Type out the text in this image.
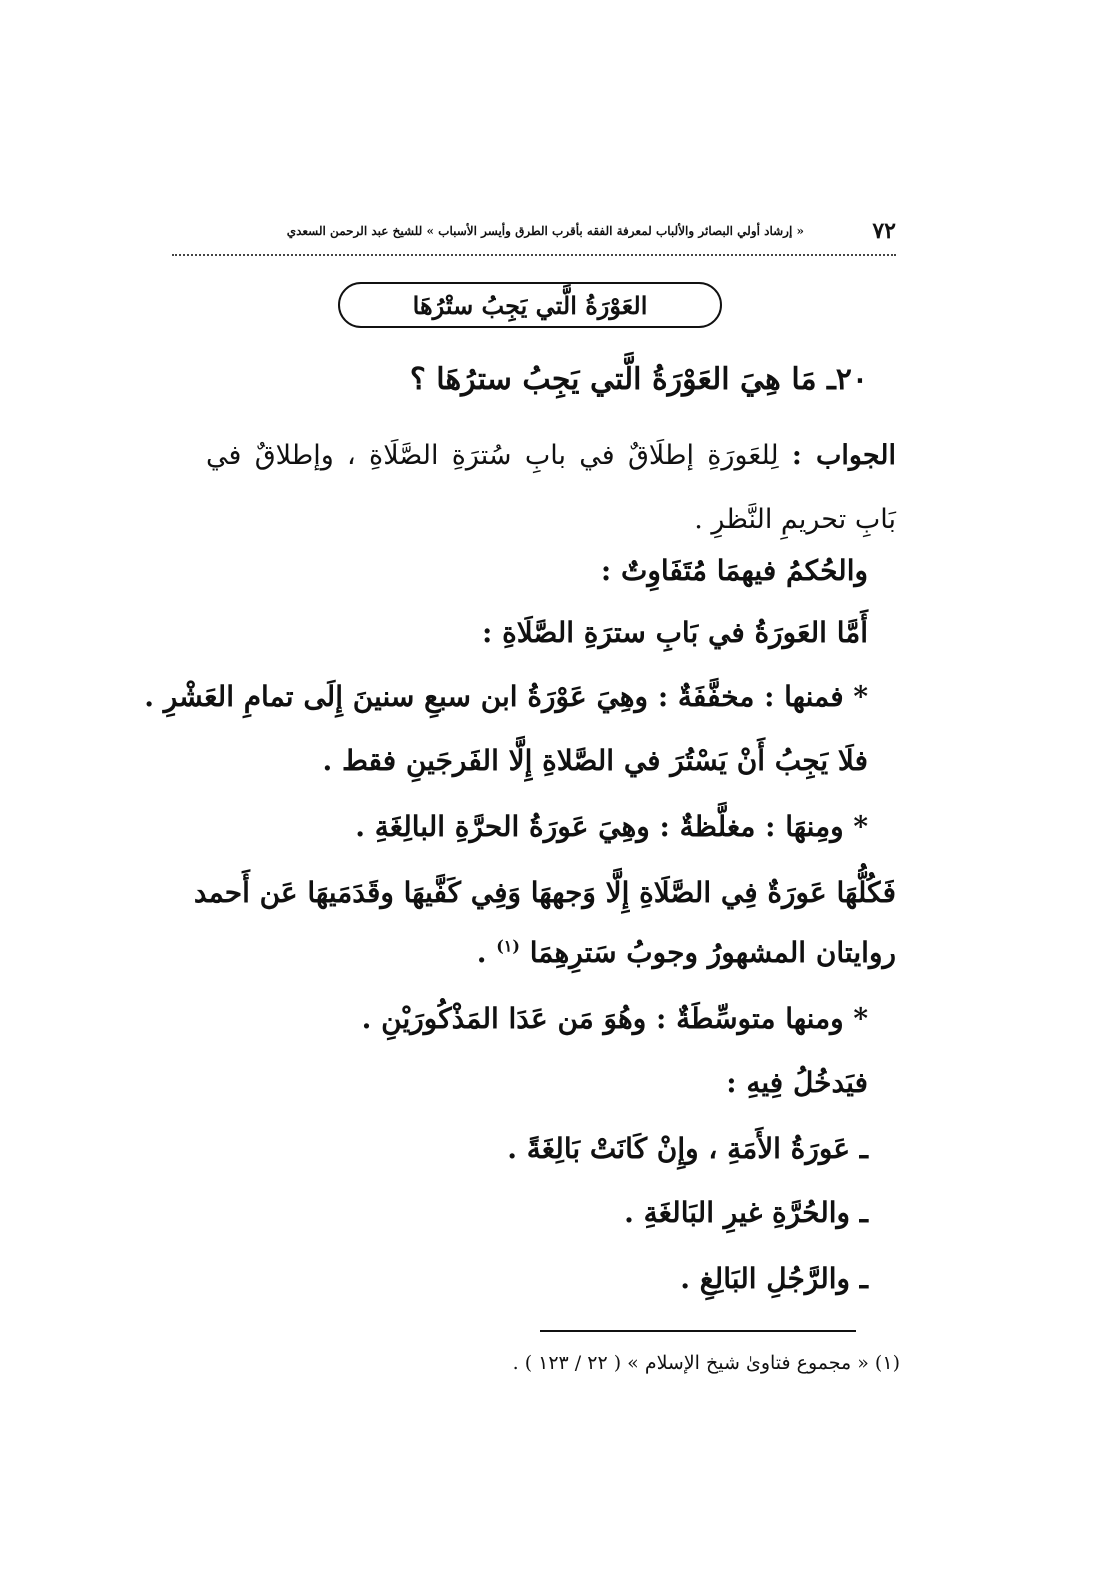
٧٢
« إرشاد أولي البصائر والألباب لمعرفة الفقه بأقرب الطرق وأيسر الأسباب » للشيخ عبد الرحمن السعدي
العَوْرَةُ الَّتي يَجِبُ ستْرُهَا
٢٠ـ مَا هِيَ العَوْرَةُ الَّتي يَجِبُ سترُهَا ؟
الجواب : لِلعَورَةِ إطلَاقٌ في بابِ سُترَةِ الصَّلَاةِ ، وإطلاقٌ في بَابِ تحريمِ النَّظرِ .
والحُكمُ فيهمَا مُتَفَاوِتٌ :
أَمَّا العَورَةُ في بَابِ سترَةِ الصَّلَاةِ :
* فمنها : مخفَّفَةٌ : وهِيَ عَوْرَةُ ابن سبعِ سنينَ إِلَى تمامِ العَشْرِ .
فلَا يَجِبُ أَنْ يَسْتُرَ في الصَّلاةِ إِلَّا الفَرجَينِ فقط .
* ومِنهَا : مغلَّظةٌ : وهِيَ عَورَةُ الحرَّةِ البالِغَةِ .
فَكُلُّهَا عَورَةٌ فِي الصَّلَاةِ إِلَّا وَجههَا وَفِي كَفَّيهَا وقَدَمَيهَا عَن أَحمد
روايتان المشهورُ وجوبُ سَترِهِمَا $^{(١)}$ .
* ومنها متوسِّطَةٌ : وهُوَ مَن عَدَا المَذْكُورَيْنِ .
فيَدخُلُ فِيهِ :
ـ عَورَةُ الأَمَةِ ، وإِنْ كَانَتْ بَالِغَةً .
ـ والحُرَّةِ غيرِ البَالغَةِ .
ـ والرَّجُلِ البَالِغِ .
(١) « مجموع فتاوىٰ شيخ الإسلام » ( ٢٢ / ١٢٣ ) .
